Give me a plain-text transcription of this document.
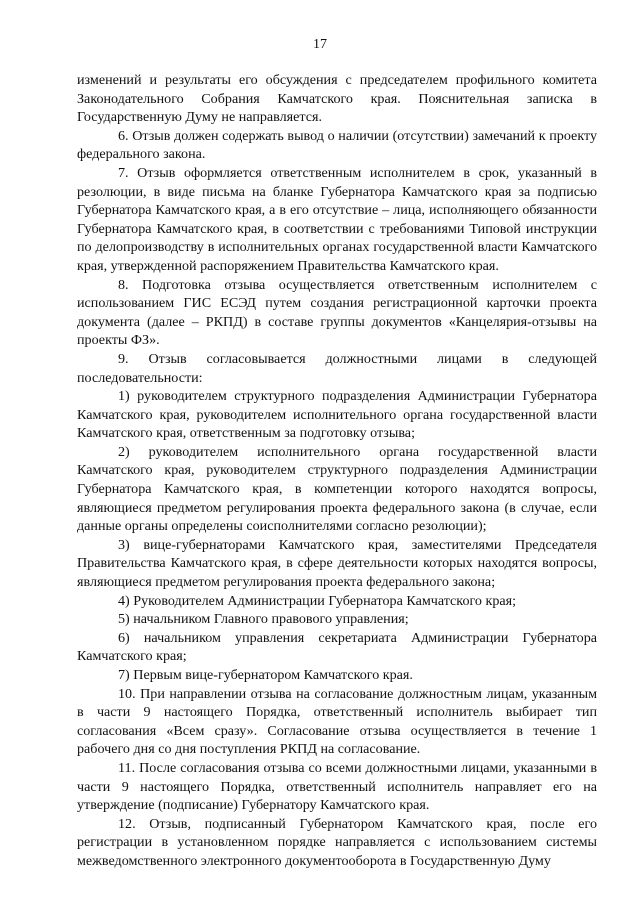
17

изменений и результаты его обсуждения с председателем профильного комитета Законодательного Собрания Камчатского края. Пояснительная записка в Государственную Думу не направляется.

6. Отзыв должен содержать вывод о наличии (отсутствии) замечаний к проекту федерального закона.

7. Отзыв оформляется ответственным исполнителем в срок, указанный в резолюции, в виде письма на бланке Губернатора Камчатского края за подписью Губернатора Камчатского края, а в его отсутствие – лица, исполняющего обязанности Губернатора Камчатского края, в соответствии с требованиями Типовой инструкции по делопроизводству в исполнительных органах государственной власти Камчатского края, утвержденной распоряжением Правительства Камчатского края.

8. Подготовка отзыва осуществляется ответственным исполнителем с использованием ГИС ЕСЭД путем создания регистрационной карточки проекта документа (далее – РКПД) в составе группы документов «Канцелярия-отзывы на проекты ФЗ».

9. Отзыв согласовывается должностными лицами в следующей последовательности:

1) руководителем структурного подразделения Администрации Губернатора Камчатского края, руководителем исполнительного органа государственной власти Камчатского края, ответственным за подготовку отзыва;

2) руководителем исполнительного органа государственной власти Камчатского края, руководителем структурного подразделения Администрации Губернатора Камчатского края, в компетенции которого находятся вопросы, являющиеся предметом регулирования проекта федерального закона (в случае, если данные органы определены соисполнителями согласно резолюции);

3) вице-губернаторами Камчатского края, заместителями Председателя Правительства Камчатского края, в сфере деятельности которых находятся вопросы, являющиеся предметом регулирования проекта федерального закона;

4) Руководителем Администрации Губернатора Камчатского края;

5) начальником Главного правового управления;

6) начальником управления секретариата Администрации Губернатора Камчатского края;

7) Первым вице-губернатором Камчатского края.

10. При направлении отзыва на согласование должностным лицам, указанным в части 9 настоящего Порядка, ответственный исполнитель выбирает тип согласования «Всем сразу». Согласование отзыва осуществляется в течение 1 рабочего дня со дня поступления РКПД на согласование.

11. После согласования отзыва со всеми должностными лицами, указанными в части 9 настоящего Порядка, ответственный исполнитель направляет его на утверждение (подписание) Губернатору Камчатского края.

12. Отзыв, подписанный Губернатором Камчатского края, после его регистрации в установленном порядке направляется с использованием системы межведомственного электронного документооборота в Государственную Думу
